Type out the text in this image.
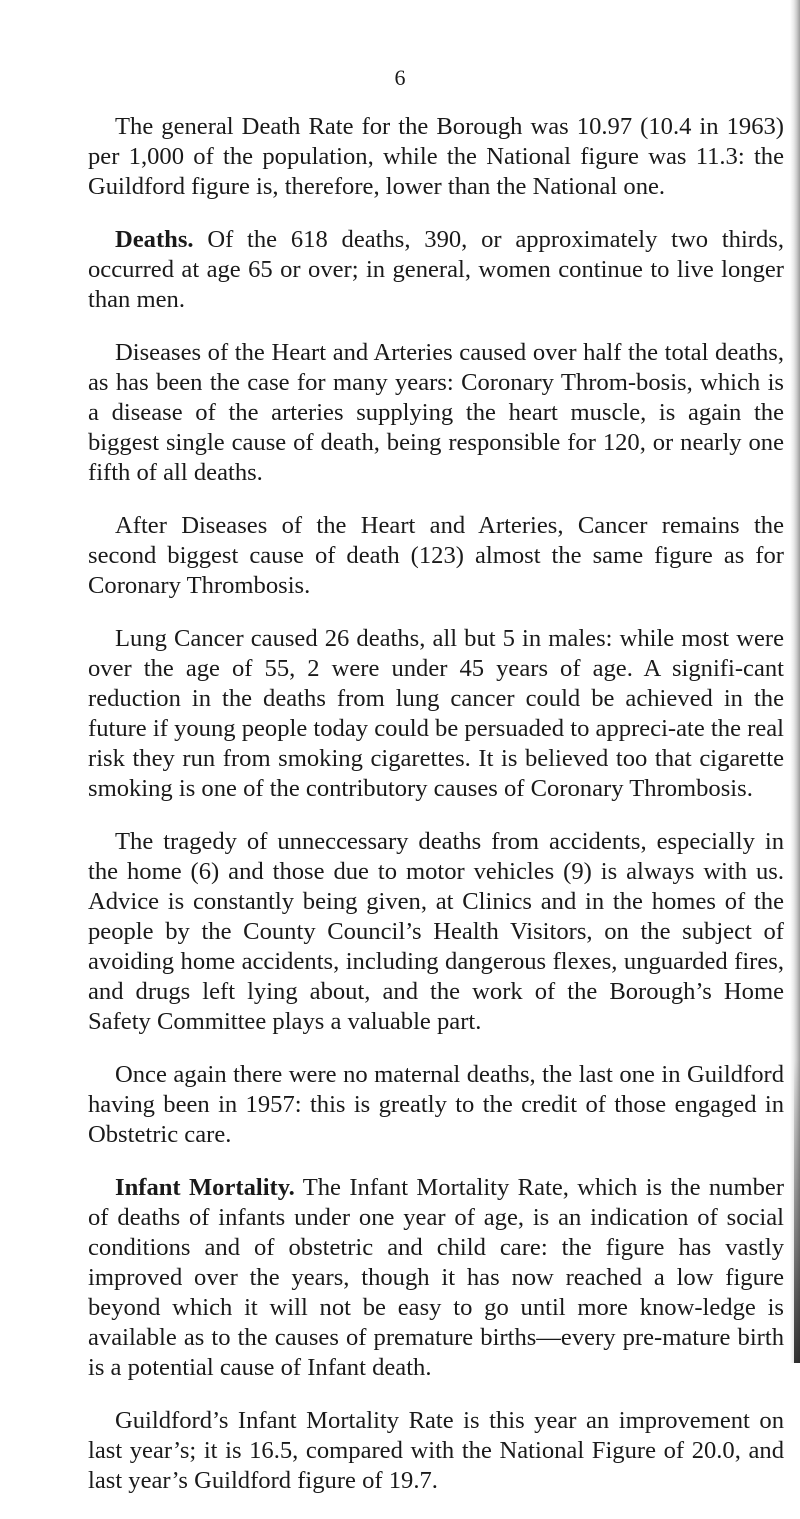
6

The general Death Rate for the Borough was 10.97 (10.4 in 1963) per 1,000 of the population, while the National figure was 11.3: the Guildford figure is, therefore, lower than the National one.

Deaths. Of the 618 deaths, 390, or approximately two thirds, occurred at age 65 or over; in general, women continue to live longer than men.

Diseases of the Heart and Arteries caused over half the total deaths, as has been the case for many years: Coronary Throm-bosis, which is a disease of the arteries supplying the heart muscle, is again the biggest single cause of death, being responsible for 120, or nearly one fifth of all deaths.

After Diseases of the Heart and Arteries, Cancer remains the second biggest cause of death (123) almost the same figure as for Coronary Thrombosis.

Lung Cancer caused 26 deaths, all but 5 in males: while most were over the age of 55, 2 were under 45 years of age. A signifi-cant reduction in the deaths from lung cancer could be achieved in the future if young people today could be persuaded to appreci-ate the real risk they run from smoking cigarettes. It is believed too that cigarette smoking is one of the contributory causes of Coronary Thrombosis.

The tragedy of unneccessary deaths from accidents, especially in the home (6) and those due to motor vehicles (9) is always with us. Advice is constantly being given, at Clinics and in the homes of the people by the County Council’s Health Visitors, on the subject of avoiding home accidents, including dangerous flexes, unguarded fires, and drugs left lying about, and the work of the Borough’s Home Safety Committee plays a valuable part.

Once again there were no maternal deaths, the last one in Guildford having been in 1957: this is greatly to the credit of those engaged in Obstetric care.

Infant Mortality. The Infant Mortality Rate, which is the number of deaths of infants under one year of age, is an indication of social conditions and of obstetric and child care: the figure has vastly improved over the years, though it has now reached a low figure beyond which it will not be easy to go until more know-ledge is available as to the causes of premature births—every pre-mature birth is a potential cause of Infant death.

Guildford’s Infant Mortality Rate is this year an improvement on last year’s; it is 16.5, compared with the National Figure of 20.0, and last year’s Guildford figure of 19.7.
